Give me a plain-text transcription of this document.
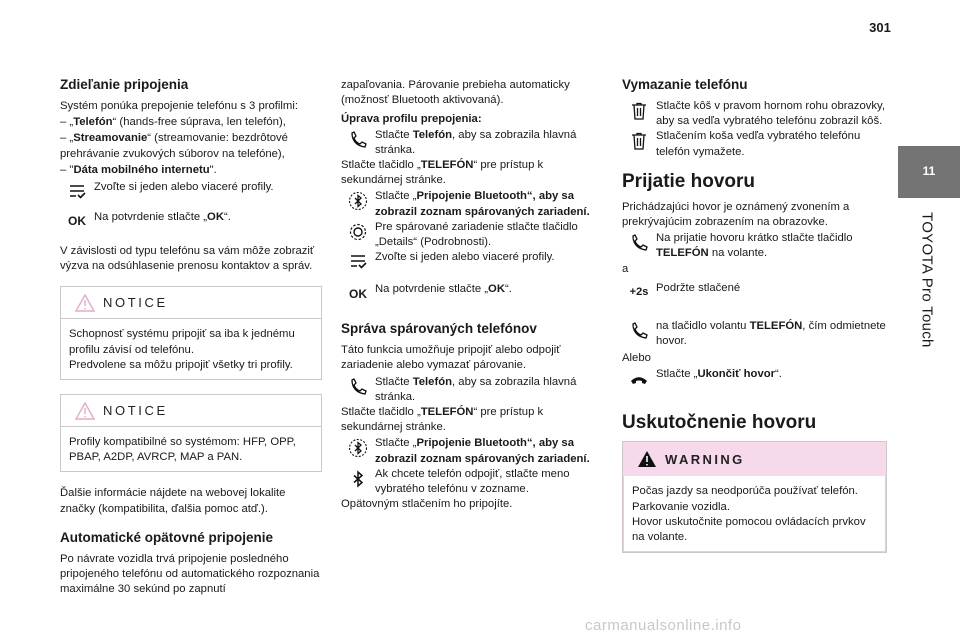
301
11
TOYOTA Pro Touch
Zdieľanie pripojenia
Systém ponúka prepojenie telefónu s 3 profilmi:
– „Telefón“ (hands-free súprava, len telefón),
– „Streamovanie“ (streamovanie: bezdrôtové prehrávanie zvukových súborov na telefóne),
– "Dáta mobilného internetu".
Zvoľte si jeden alebo viaceré profily.
OK Na potvrdenie stlačte „OK“.
V závislosti od typu telefónu sa vám môže zobraziť výzva na odsúhlasenie prenosu kontaktov a správ.
NOTICE
Schopnosť systému pripojiť sa iba k jednému profilu závisí od telefónu.
Predvolene sa môžu pripojiť všetky tri profily.
NOTICE
Profily kompatibilné so systémom: HFP, OPP, PBAP, A2DP, AVRCP, MAP a PAN.
Ďalšie informácie nájdete na webovej lokalite značky (kompatibilita, ďalšia pomoc atď.).
Automatické opätovné pripojenie
Po návrate vozidla trvá pripojenie posledného pripojeného telefónu od automatického rozpoznania maximálne 30 sekúnd po zapnutí
zapaľovania. Párovanie prebieha automaticky (možnosť Bluetooth aktivovaná).
Úprava profilu prepojenia:
Stlačte Telefón, aby sa zobrazila hlavná stránka.
Stlačte tlačidlo „TELEFÓN“ pre prístup k sekundárnej stránke.
Stlačte „Pripojenie Bluetooth“, aby sa zobrazil zoznam spárovaných zariadení.
Pre spárované zariadenie stlačte tlačidlo „Details“ (Podrobnosti).
Zvoľte si jeden alebo viaceré profily.
OK Na potvrdenie stlačte „OK“.
Správa spárovaných telefónov
Táto funkcia umožňuje pripojiť alebo odpojiť zariadenie alebo vymazať párovanie.
Stlačte Telefón, aby sa zobrazila hlavná stránka.
Stlačte tlačidlo „TELEFÓN“ pre prístup k sekundárnej stránke.
Stlačte „Pripojenie Bluetooth“, aby sa zobrazil zoznam spárovaných zariadení.
Ak chcete telefón odpojiť, stlačte meno vybratého telefónu v zozname.
Opätovným stlačením ho pripojíte.
Vymazanie telefónu
Stlačte kôš v pravom hornom rohu obrazovky, aby sa vedľa vybratého telefónu zobrazil kôš.
Stlačením koša vedľa vybratého telefónu telefón vymažete.
Prijatie hovoru
Prichádzajúci hovor je oznámený zvonením a prekrývajúcim zobrazením na obrazovke.
Na prijatie hovoru krátko stlačte tlačidlo TELEFÓN na volante.
a
+2s Podržte stlačené
na tlačidlo volantu TELEFÓN, čím odmietnete hovor.
Alebo
Stlačte „Ukončiť hovor“.
Uskutočnenie hovoru
WARNING
Počas jazdy sa neodporúča používať telefón.
Parkovanie vozidla.
Hovor uskutočnite pomocou ovládacích prvkov na volante.
carmanualsonline.info
